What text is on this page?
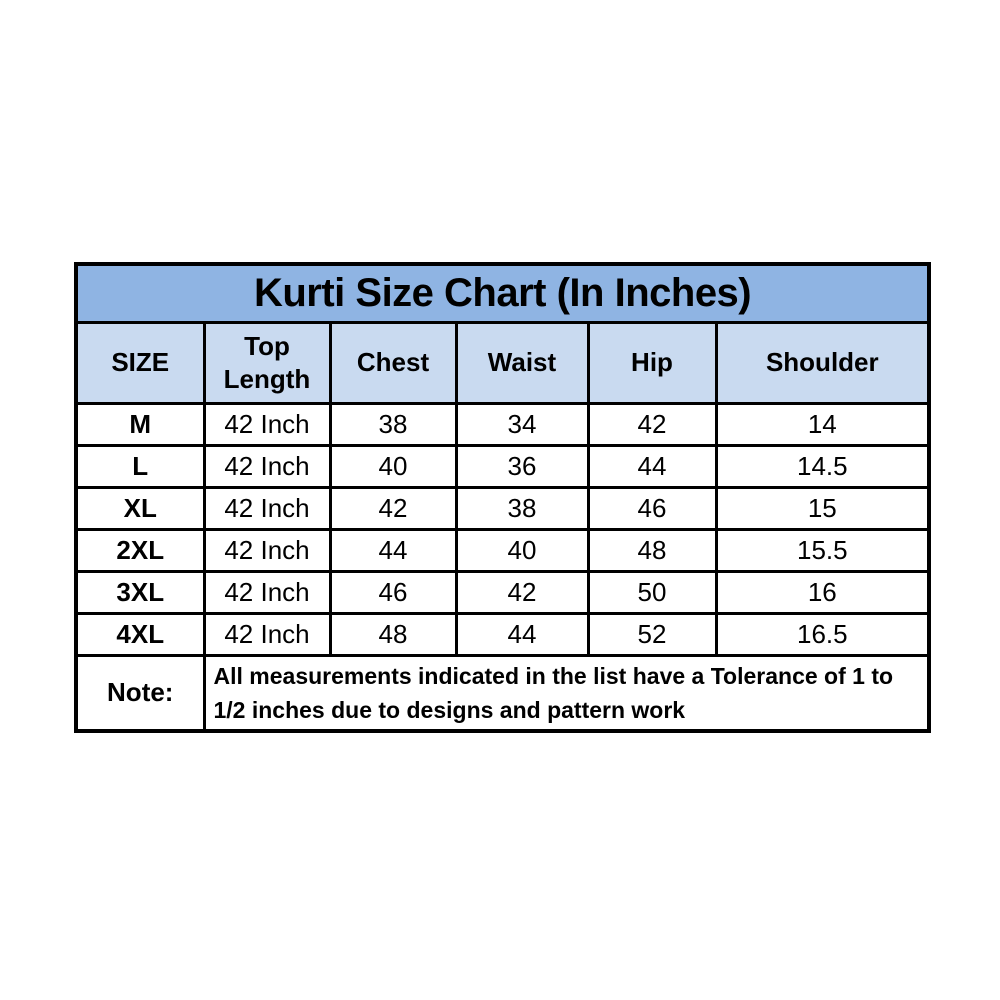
Kurti Size Chart (In Inches)					
SIZE	Top Length	Chest	Waist	Hip	Shoulder
M	42 Inch	38	34	42	14
L	42 Inch	40	36	44	14.5
XL	42 Inch	42	38	46	15
2XL	42 Inch	44	40	48	15.5
3XL	42 Inch	46	42	50	16
4XL	42 Inch	48	44	52	16.5
Note:	All measurements indicated in the list have a Tolerance of 1 to 1/2 inches due to designs and pattern work				
